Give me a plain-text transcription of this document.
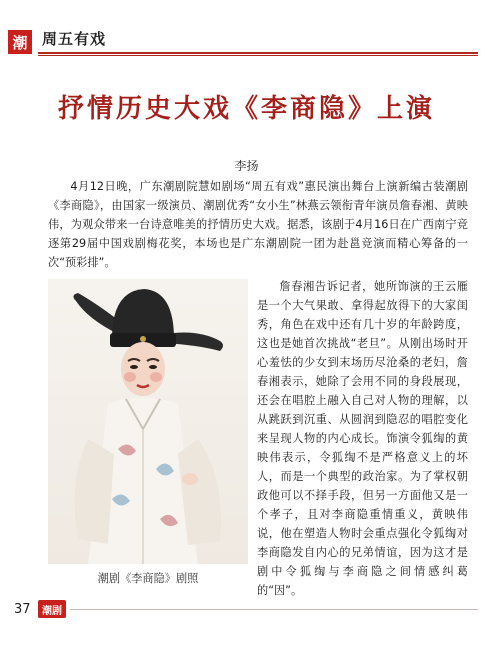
潮 周五有戏
抒情历史大戏《李商隐》上演
李扬

4月12日晚，广东潮剧院慧如剧场“周五有戏”惠民演出舞台上演新编古装潮剧《李商隐》，由国家一级演员、潮剧优秀“女小生”林燕云领衔青年演员詹春湘、黄映伟，为观众带来一台诗意唯美的抒情历史大戏。据悉，该剧于4月16日在广西南宁竞逐第29届中国戏剧梅花奖，本场也是广东潮剧院一团为赴邕竞演而精心筹备的一次“预彩排”。

潮剧《李商隐》剧照

詹春湘告诉记者，她所饰演的王云雁是一个大气果敢、拿得起放得下的大家闺秀，角色在戏中还有几十岁的年龄跨度，这也是她首次挑战“老旦”。从刚出场时开心羞怯的少女到末场历尽沧桑的老妇，詹春湘表示，她除了会用不同的身段展现，还会在唱腔上融入自己对人物的理解，以从跳跃到沉重、从圆润到隐忍的唱腔变化来呈现人物的内心成长。饰演令狐绹的黄映伟表示，令狐绹不是严格意义上的坏人，而是一个典型的政治家。为了掌权朝政他可以不择手段，但另一方面他又是一个孝子，且对李商隐重情重义，黄映伟说，他在塑造人物时会重点强化令狐绹对李商隐发自内心的兄弟情谊，因为这才是剧中令狐绹与李商隐之间情感纠葛的“因”。

37	潮剧
